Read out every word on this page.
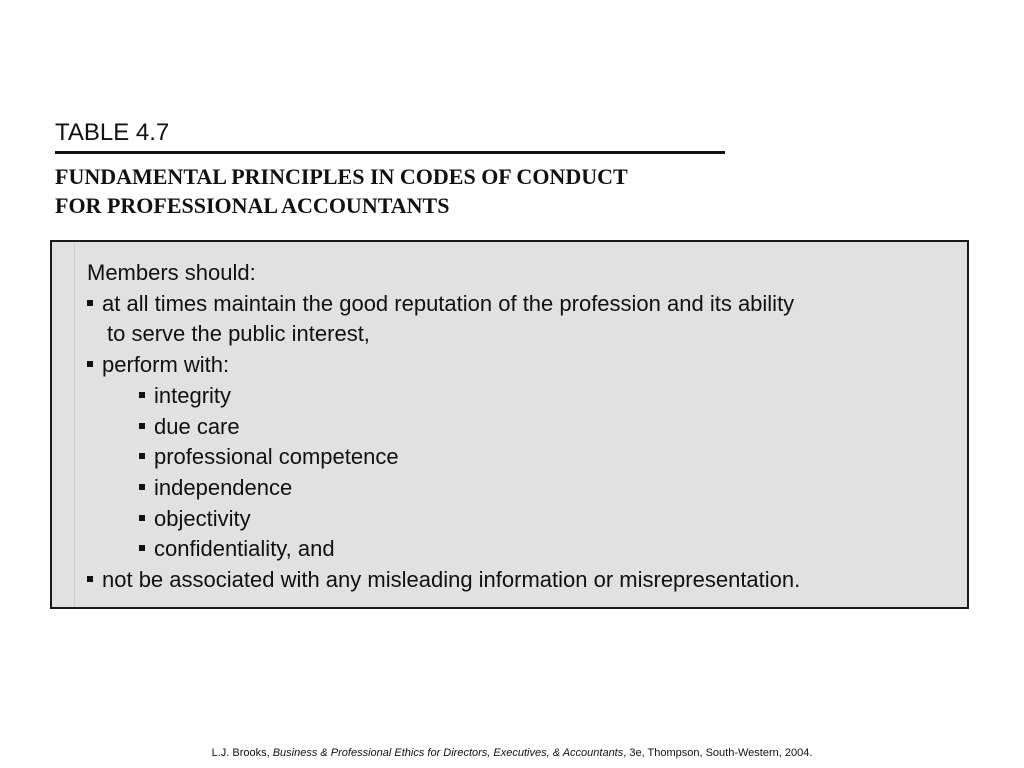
TABLE 4.7
FUNDAMENTAL PRINCIPLES IN CODES OF CONDUCT
FOR PROFESSIONAL ACCOUNTANTS
Members should:
at all times maintain the good reputation of the profession and its ability
to serve the public interest,
perform with:
integrity
due care
professional competence
independence
objectivity
confidentiality, and
not be associated with any misleading information or misrepresentation.
L.J. Brooks, Business & Professional Ethics for Directors, Executives, & Accountants, 3e, Thompson, South-Western, 2004.
